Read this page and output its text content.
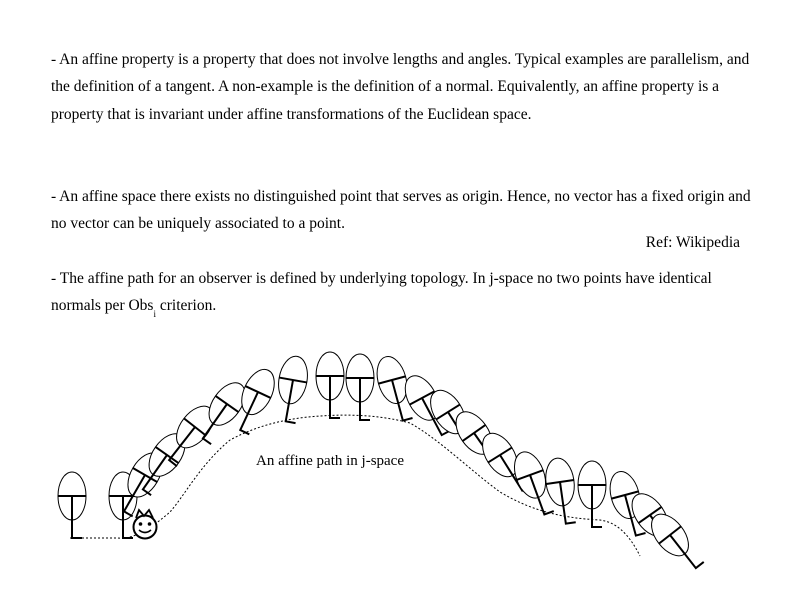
- An affine property is a property that does not involve lengths and angles. Typical examples are parallelism, and the definition of a tangent. A non-example is the definition of a normal. Equivalently, an affine property is a property that is invariant under affine transformations of the Euclidean space.

- An affine space there exists no distinguished point that serves as origin. Hence, no vector has a fixed origin and no vector can be uniquely associated to a point.

Ref: Wikipedia

- The affine path for an observer is defined by underlying topology. In j-space no two points have identical normals per Obs$_i$ criterion.

An affine path in j-space
